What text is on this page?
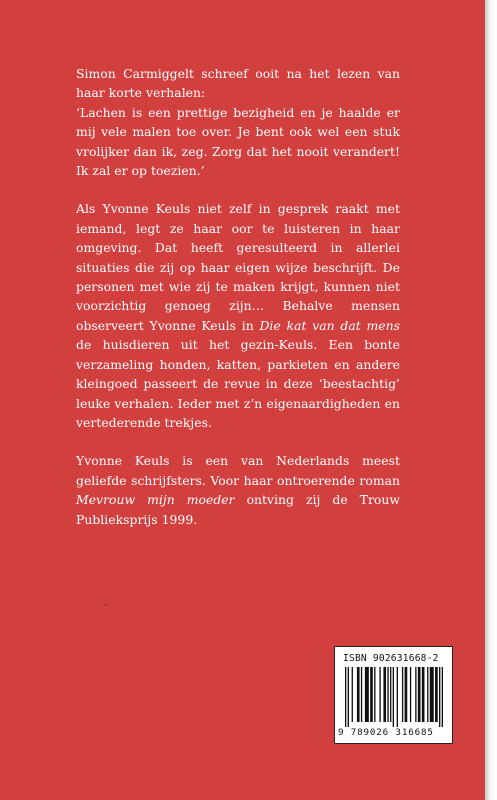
Simon Carmiggelt schreef ooit na het lezen van haar korte verhalen:
‘Lachen is een prettige bezigheid en je haalde er mij vele malen toe over. Je bent ook wel een stuk vrolijker dan ik, zeg. Zorg dat het nooit verandert! Ik zal er op toezien.’

Als Yvonne Keuls niet zelf in gesprek raakt met iemand, legt ze haar oor te luisteren in haar omgeving. Dat heeft geresulteerd in allerlei situaties die zij op haar eigen wijze beschrijft. De personen met wie zij te maken krijgt, kunnen niet voorzichtig genoeg zijn… Behalve mensen observeert Yvonne Keuls in Die kat van dat mens de huisdieren uit het gezin-Keuls. Een bonte verzameling honden, katten, parkieten en andere kleingoed passeert de revue in deze ‘beestachtig’ leuke verhalen. Ieder met z’n eigenaardigheden en vertederende trekjes.

Yvonne Keuls is een van Nederlands meest geliefde schrijfsters. Voor haar ontroerende roman Mevrouw mijn moeder ontving zij de Trouw Publieksprijs 1999.

ISBN 902631668-2
9 789026 316685
